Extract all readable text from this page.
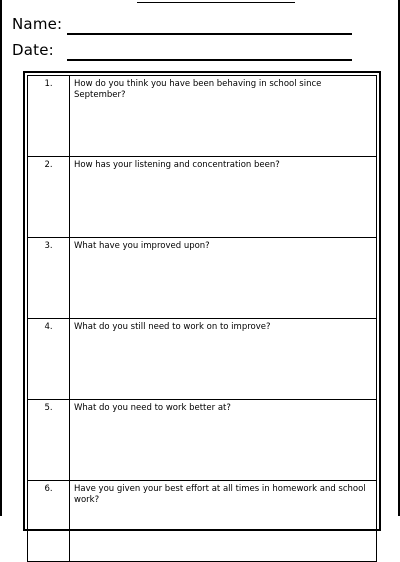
Name:
Date:
1.	How do you think you have been behaving in school since September?
2.	How has your listening and concentration been?
3.	What have you improved upon?
4.	What do you still need to work on to improve?
5.	What do you need to work better at?
6.	Have you given your best effort at all times in homework and school work?
